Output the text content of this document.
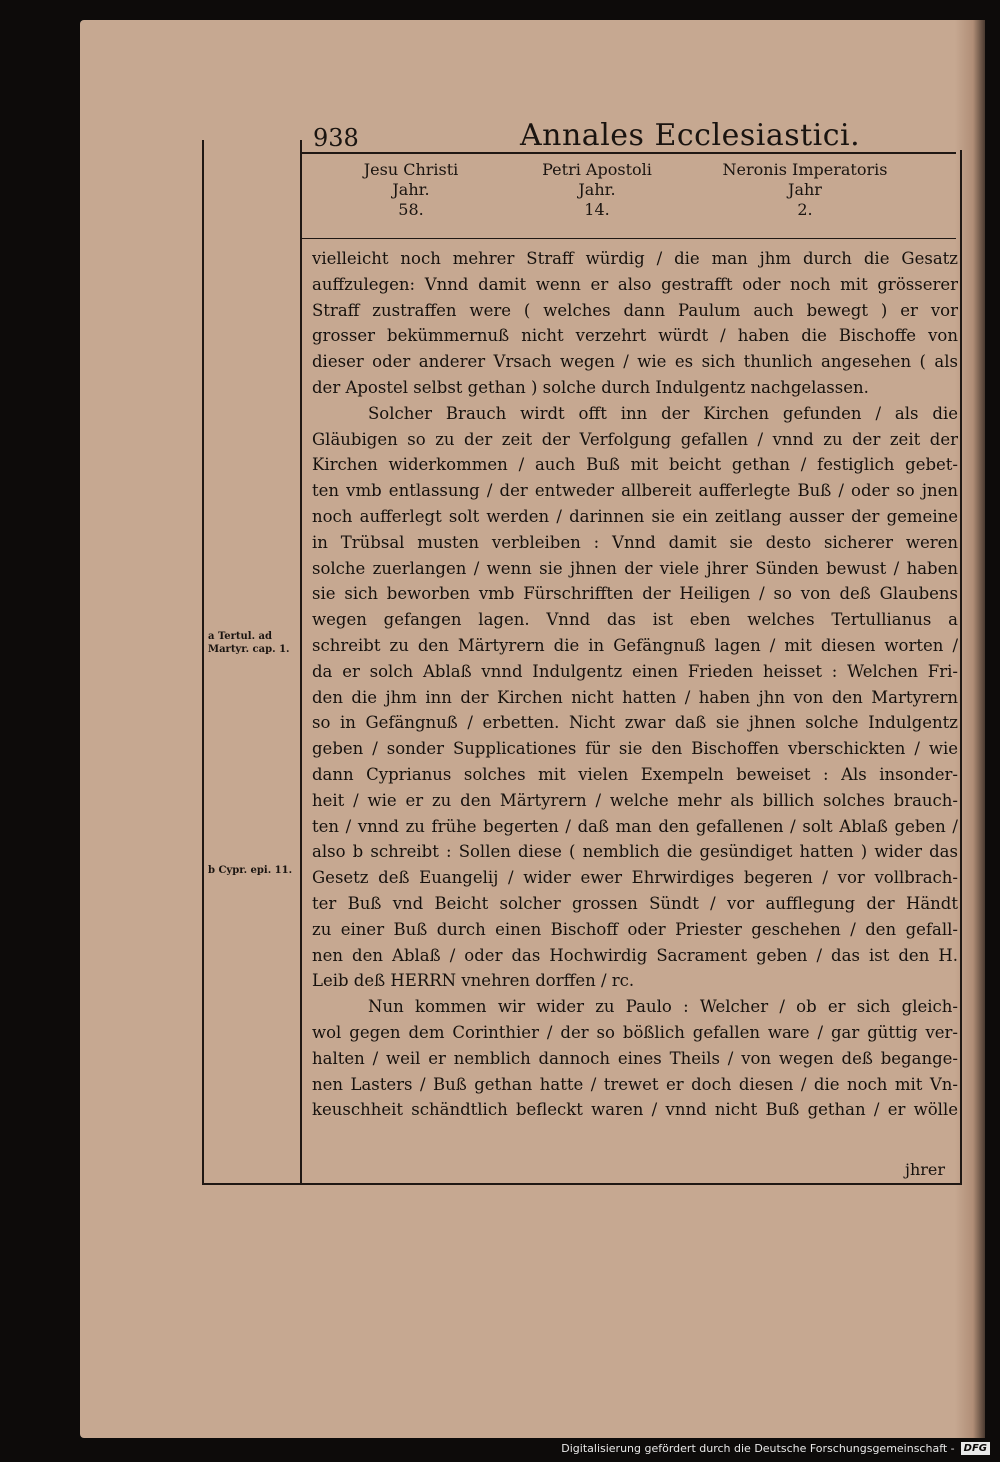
938	Annales Ecclesiastici.
Jesu Christi
Jahr.
58.
Petri Apostoli
Jahr.
14.
Neronis Imperatoris
Jahr
2.
vielleicht noch mehrer Straff würdig / die man jhm durch die Gesatz
auffzulegen: Vnnd damit wenn er also gestrafft oder noch mit grösserer
Straff zustraffen were ( welches dann Paulum auch bewegt ) er vor
grosser bekümmernuß nicht verzehrt würdt / haben die Bischoffe von
dieser oder anderer Vrsach wegen / wie es sich thunlich angesehen ( als
der Apostel selbst gethan ) solche durch Indulgentz nachgelassen.
Solcher Brauch wirdt offt inn der Kirchen gefunden / als die
Gläubigen so zu der zeit der Verfolgung gefallen / vnnd zu der zeit der
Kirchen widerkommen / auch Buß mit beicht gethan / festiglich gebet-
ten vmb entlassung / der entweder allbereit aufferlegte Buß / oder so jnen
noch aufferlegt solt werden / darinnen sie ein zeitlang ausser der gemeine
in Trübsal musten verbleiben : Vnnd damit sie desto sicherer weren
solche zuerlangen / wenn sie jhnen der viele jhrer Sünden bewust / haben
sie sich beworben vmb Fürschrifften der Heiligen / so von deß Glaubens
wegen gefangen lagen. Vnnd das ist eben welches Tertullianus a
schreibt zu den Märtyrern die in Gefängnuß lagen / mit diesen worten /
da er solch Ablaß vnnd Indulgentz einen Frieden heisset : Welchen Fri-
den die jhm inn der Kirchen nicht hatten / haben jhn von den Martyrern
so in Gefängnuß / erbetten. Nicht zwar daß sie jhnen solche Indulgentz
geben / sonder Supplicationes für sie den Bischoffen vberschickten / wie
dann Cyprianus solches mit vielen Exempeln beweiset : Als insonder-
heit / wie er zu den Märtyrern / welche mehr als billich solches brauch-
ten / vnnd zu frühe begerten / daß man den gefallenen / solt Ablaß geben /
also b schreibt : Sollen diese ( nemblich die gesündiget hatten ) wider das
Gesetz deß Euangelij / wider ewer Ehrwirdiges begeren / vor vollbrach-
ter Buß vnd Beicht solcher grossen Sündt / vor aufflegung der Händt
zu einer Buß durch einen Bischoff oder Priester geschehen / den gefall-
nen den Ablaß / oder das Hochwirdig Sacrament geben / das ist den H.
Leib deß HERRN vnehren dorffen / rc.
Nun kommen wir wider zu Paulo : Welcher / ob er sich gleich-
wol gegen dem Corinthier / der so bößlich gefallen ware / gar güttig ver-
halten / weil er nemblich dannoch eines Theils / von wegen deß begange-
nen Lasters / Buß gethan hatte / trewet er doch diesen / die noch mit Vn-
keuschheit schändtlich befleckt waren / vnnd nicht Buß gethan / er wölle
jhrer
a Tertul. ad
Martyr. cap. 1.
b Cypr. epi. 11.
Digitalisierung gefördert durch die Deutsche Forschungsgemeinschaft - DFG
